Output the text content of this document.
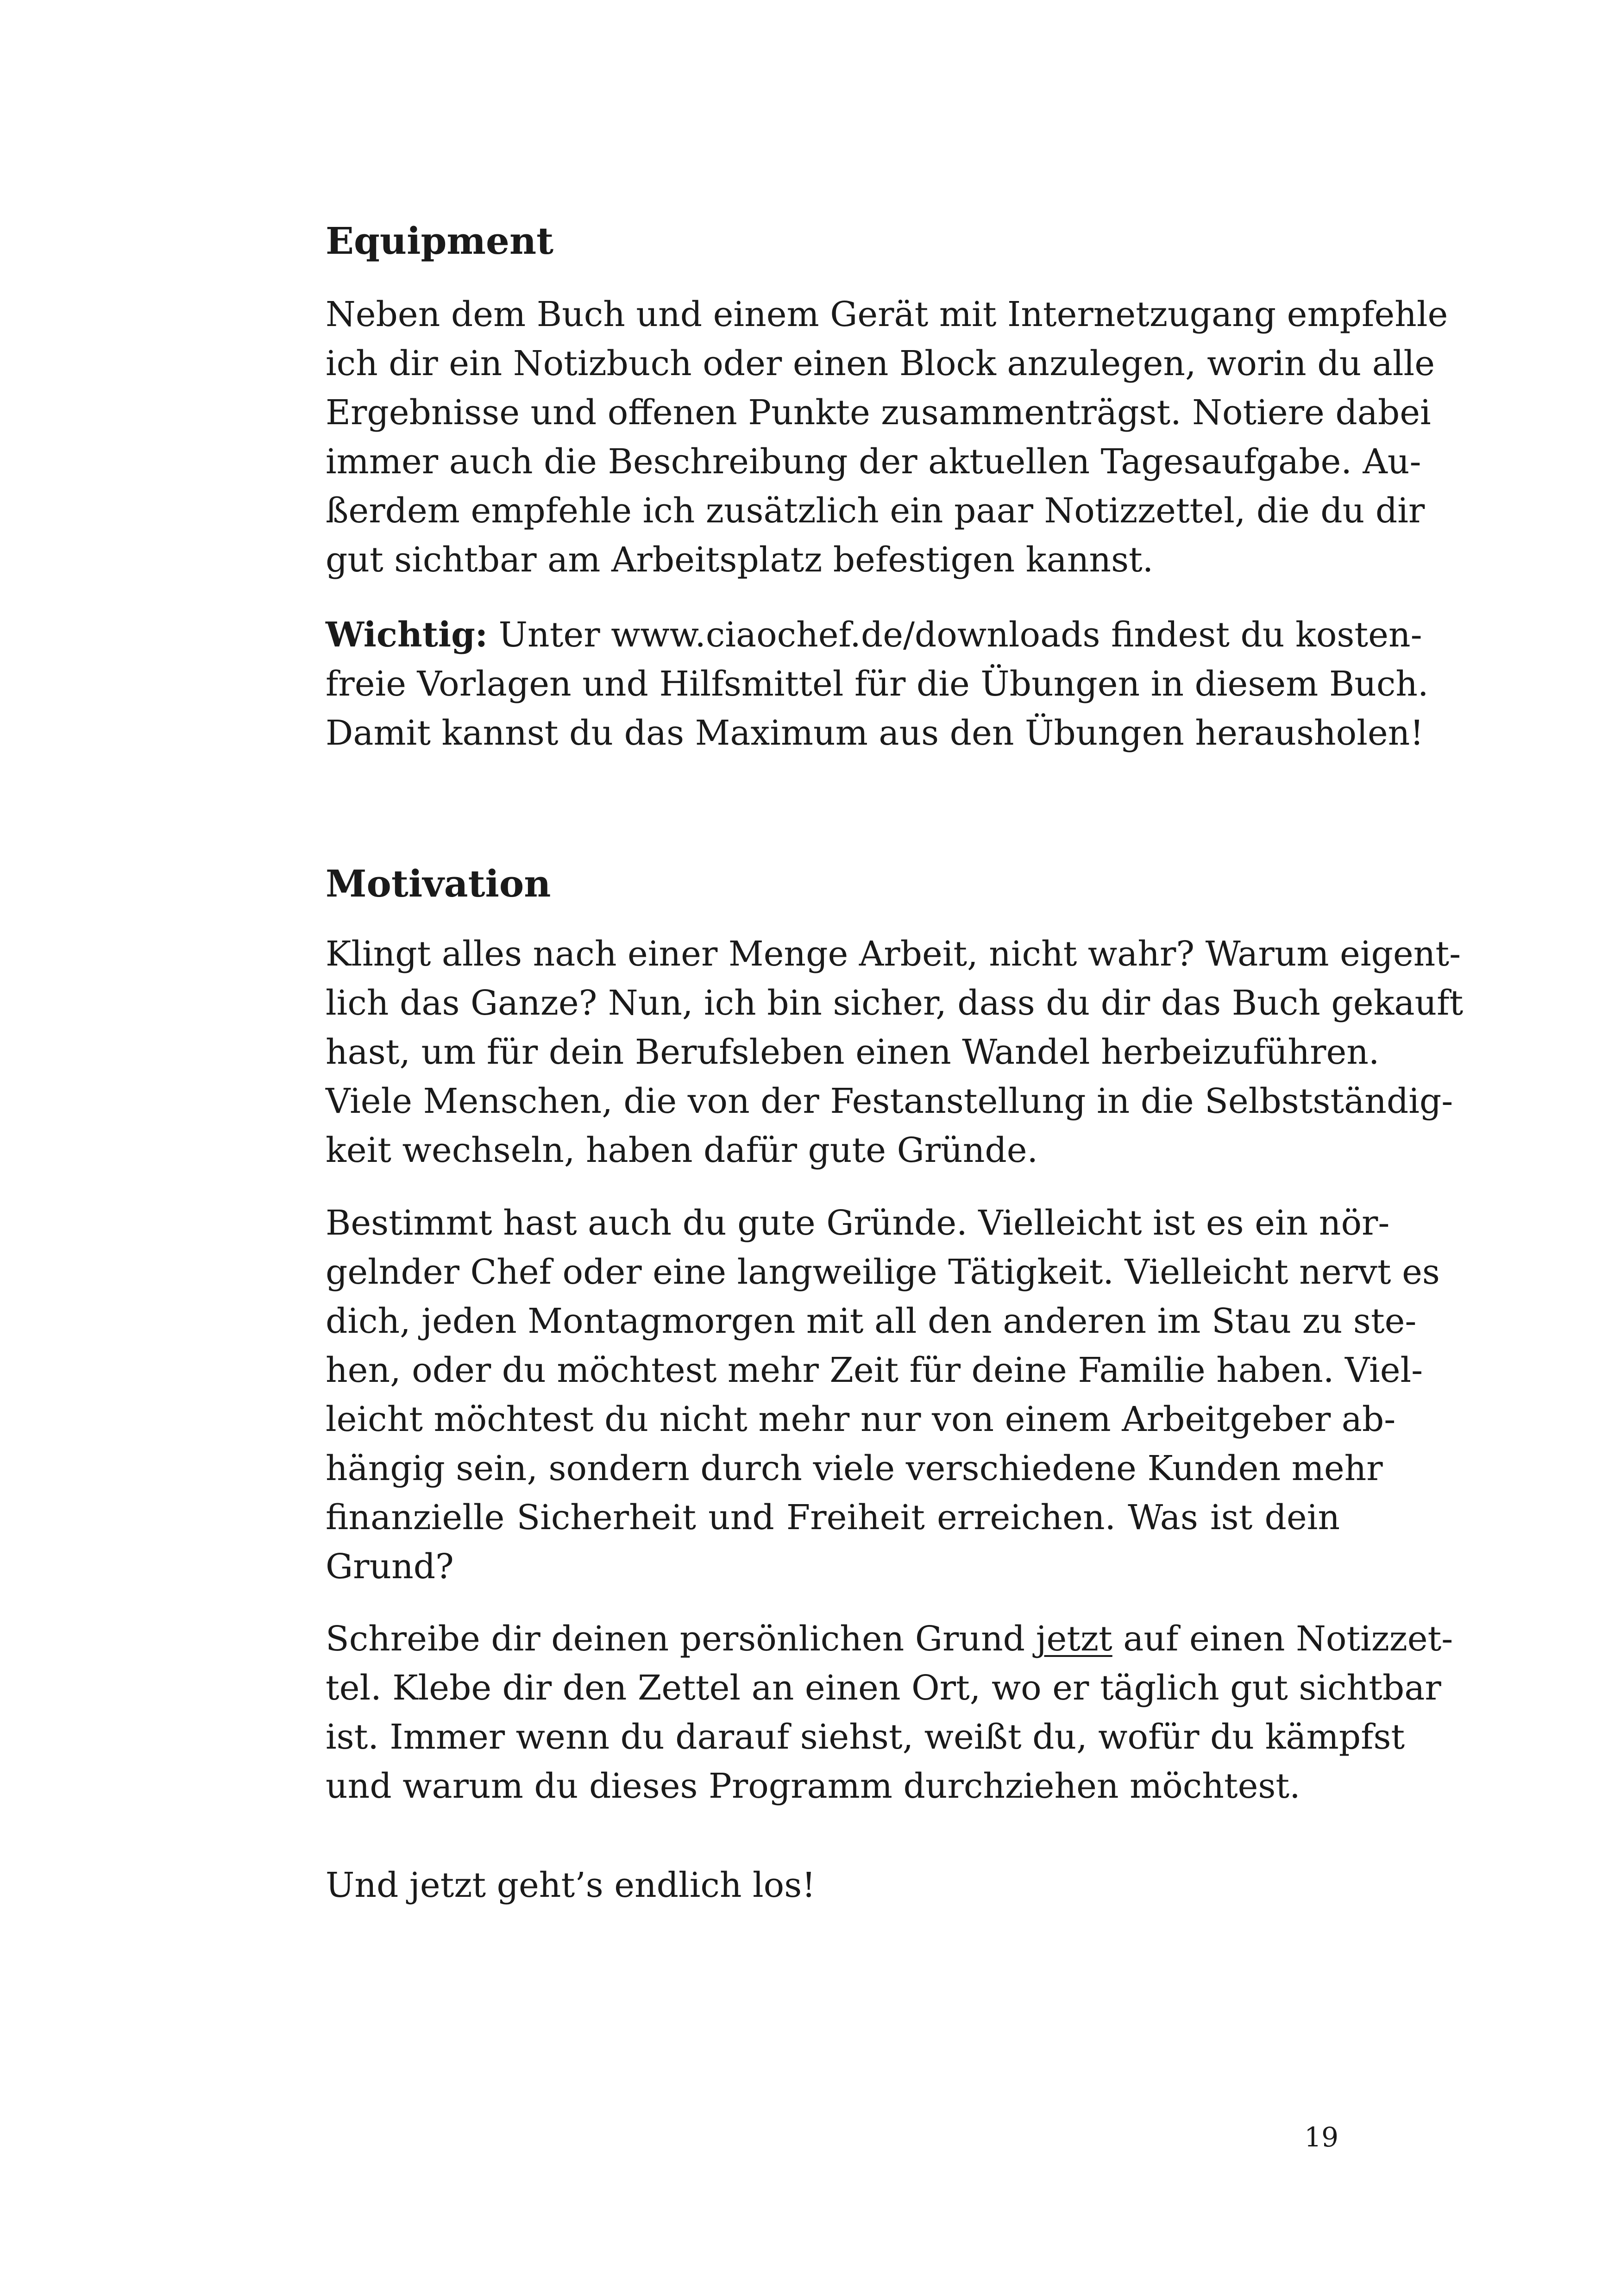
Equipment

Neben dem Buch und einem Gerät mit Internetzugang empfehle
ich dir ein Notizbuch oder einen Block anzulegen, worin du alle
Ergebnisse und offenen Punkte zusammenträgst. Notiere dabei
immer auch die Beschreibung der aktuellen Tagesaufgabe. Au-
ßerdem empfehle ich zusätzlich ein paar Notizzettel, die du dir
gut sichtbar am Arbeitsplatz befestigen kannst.

Wichtig: Unter www.ciaochef.de/downloads findest du kosten-
freie Vorlagen und Hilfsmittel für die Übungen in diesem Buch.
Damit kannst du das Maximum aus den Übungen herausholen!

Motivation

Klingt alles nach einer Menge Arbeit, nicht wahr? Warum eigent-
lich das Ganze? Nun, ich bin sicher, dass du dir das Buch gekauft
hast, um für dein Berufsleben einen Wandel herbeizuführen.
Viele Menschen, die von der Festanstellung in die Selbstständig-
keit wechseln, haben dafür gute Gründe.

Bestimmt hast auch du gute Gründe. Vielleicht ist es ein nör-
gelnder Chef oder eine langweilige Tätigkeit. Vielleicht nervt es
dich, jeden Montagmorgen mit all den anderen im Stau zu ste-
hen, oder du möchtest mehr Zeit für deine Familie haben. Viel-
leicht möchtest du nicht mehr nur von einem Arbeitgeber ab-
hängig sein, sondern durch viele verschiedene Kunden mehr
finanzielle Sicherheit und Freiheit erreichen. Was ist dein
Grund?

Schreibe dir deinen persönlichen Grund jetzt auf einen Notizzet-
tel. Klebe dir den Zettel an einen Ort, wo er täglich gut sichtbar
ist. Immer wenn du darauf siehst, weißt du, wofür du kämpfst
und warum du dieses Programm durchziehen möchtest.

Und jetzt geht’s endlich los!

19
